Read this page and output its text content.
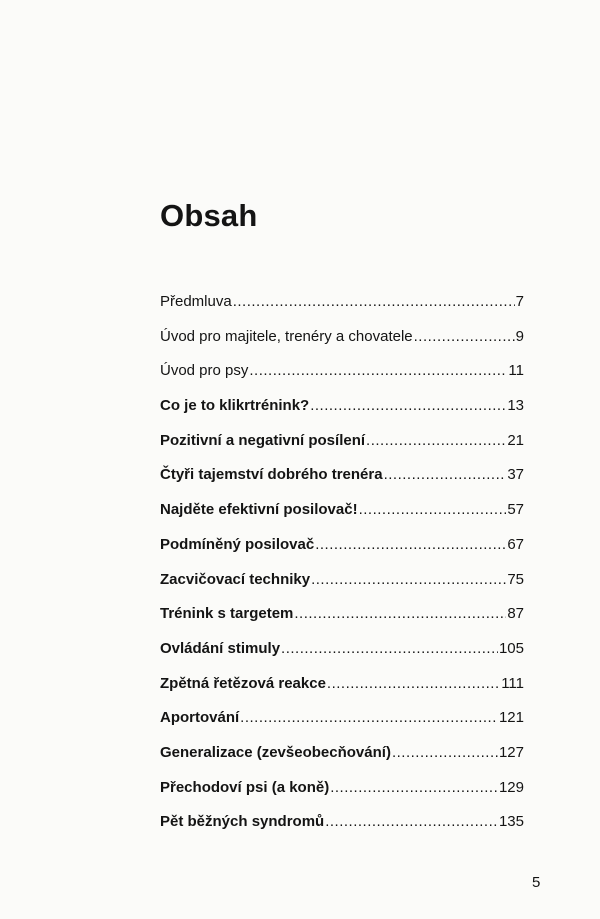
Obsah
Předmluva .....	7
Úvod pro majitele, trenéry a chovatele .....	9
Úvod pro psy .....	11
Co je to klikrtrénink? .....	13
Pozitivní a negativní posílení .....	21
Čtyři tajemství dobrého trenéra .....	37
Najděte efektivní posilovač! .....	57
Podmíněný posilovač .....	67
Zacvičovací techniky .....	75
Trénink s targetem .....	87
Ovládání stimuly .....	105
Zpětná řetězová reakce .....	111
Aportování .....	121
Generalizace (zevšeobecňování) .....	127
Přechodoví psi (a koně) .....	129
Pět běžných syndromů .....	135
5
